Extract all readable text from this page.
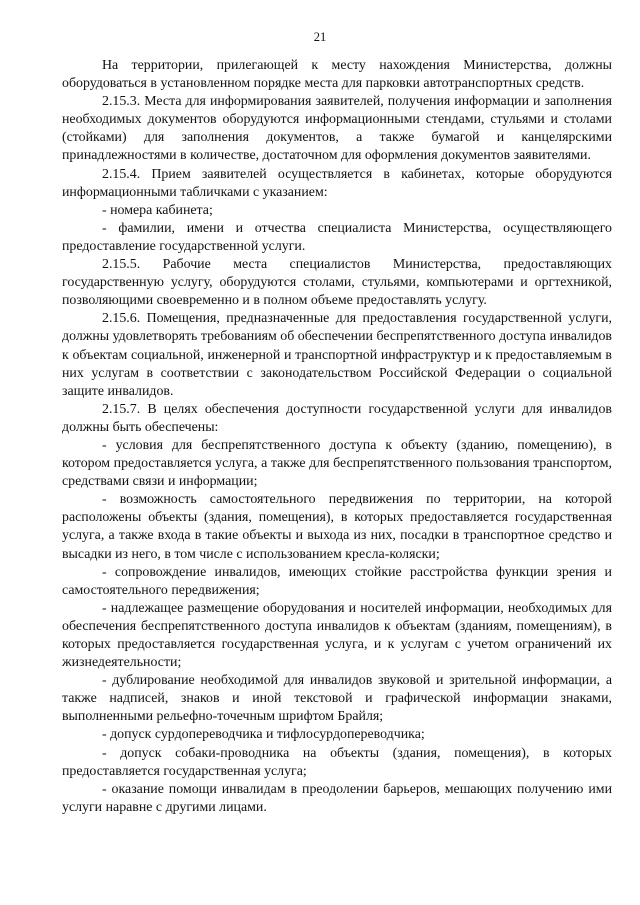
21

На территории, прилегающей к месту нахождения Министерства, должны оборудоваться в установленном порядке места для парковки автотранспортных средств.

2.15.3. Места для информирования заявителей, получения информации и заполнения необходимых документов оборудуются информационными стендами, стульями и столами (стойками) для заполнения документов, а также бумагой и канцелярскими принадлежностями в количестве, достаточном для оформления документов заявителями.

2.15.4. Прием заявителей осуществляется в кабинетах, которые оборудуются информационными табличками с указанием:

- номера кабинета;

- фамилии, имени и отчества специалиста Министерства, осуществляющего предоставление государственной услуги.

2.15.5. Рабочие места специалистов Министерства, предоставляющих государственную услугу, оборудуются столами, стульями, компьютерами и оргтехникой, позволяющими своевременно и в полном объеме предоставлять услугу.

2.15.6. Помещения, предназначенные для предоставления государственной услуги, должны удовлетворять требованиям об обеспечении беспрепятственного доступа инвалидов к объектам социальной, инженерной и транспортной инфраструктур и к предоставляемым в них услугам в соответствии с законодательством Российской Федерации о социальной защите инвалидов.

2.15.7. В целях обеспечения доступности государственной услуги для инвалидов должны быть обеспечены:

- условия для беспрепятственного доступа к объекту (зданию, помещению), в котором предоставляется услуга, а также для беспрепятственного пользования транспортом, средствами связи и информации;

- возможность самостоятельного передвижения по территории, на которой расположены объекты (здания, помещения), в которых предоставляется государственная услуга, а также входа в такие объекты и выхода из них, посадки в транспортное средство и высадки из него, в том числе с использованием кресла-коляски;

- сопровождение инвалидов, имеющих стойкие расстройства функции зрения и самостоятельного передвижения;

- надлежащее размещение оборудования и носителей информации, необходимых для обеспечения беспрепятственного доступа инвалидов к объектам (зданиям, помещениям), в которых предоставляется государственная услуга, и к услугам с учетом ограничений их жизнедеятельности;

- дублирование необходимой для инвалидов звуковой и зрительной информации, а также надписей, знаков и иной текстовой и графической информации знаками, выполненными рельефно-точечным шрифтом Брайля;

- допуск сурдопереводчика и тифлосурдопереводчика;

- допуск собаки-проводника на объекты (здания, помещения), в которых предоставляется государственная услуга;

- оказание помощи инвалидам в преодолении барьеров, мешающих получению ими услуги наравне с другими лицами.
